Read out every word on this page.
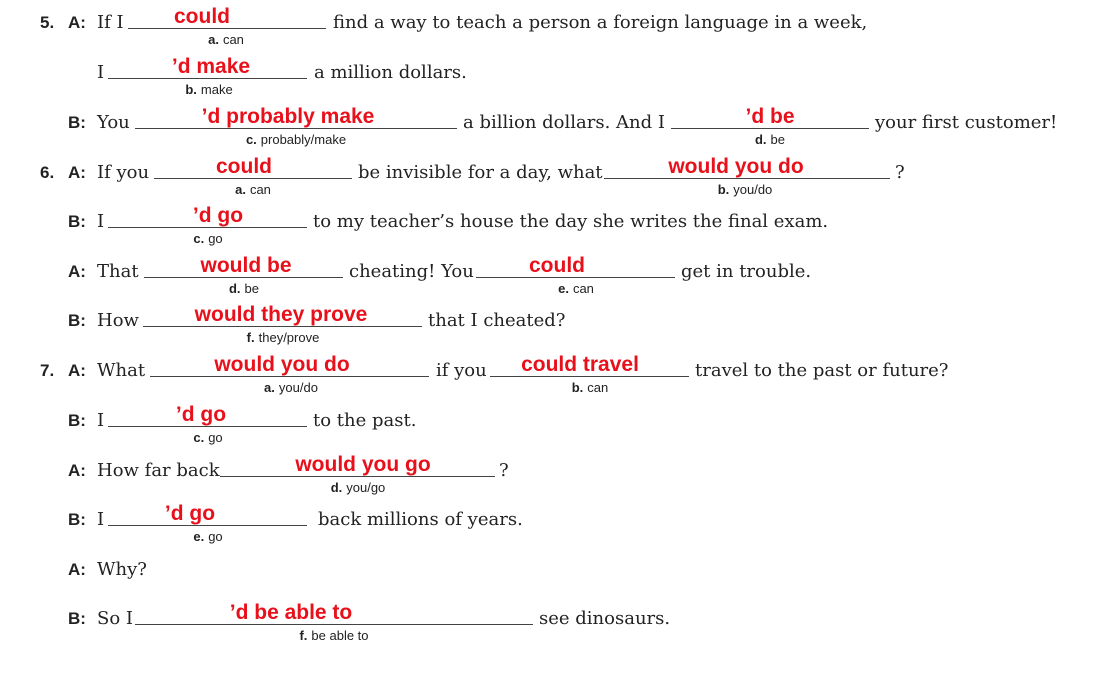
5. A: If I could
a. can
find a way to teach a person a foreign language in a week,
I	’d make
b. make
a million dollars.
B: You	’d probably make
c. probably/make
a billion dollars. And I	’d be
d. be
your first customer!
6. A: If you	could
a. can
be invisible for a day, what	would you do
b. you/do
?
B: I	’d go
c. go
to my teacher’s house the day she writes the final exam.
A: That	would be
d. be
cheating! You	could
e. can
get in trouble.
B: How	would they prove
f. they/prove
that I cheated?
7. A: What	would you do
a. you/do
if you could travel
b. can
travel to the past or future?
B: I	’d go
c. go
to the past.
A: How far back	would you go
d. you/go
?
B: I	’d go
e. go
back millions of years.
A: Why?
B: So I	’d be able to
f. be able to
see dinosaurs.
